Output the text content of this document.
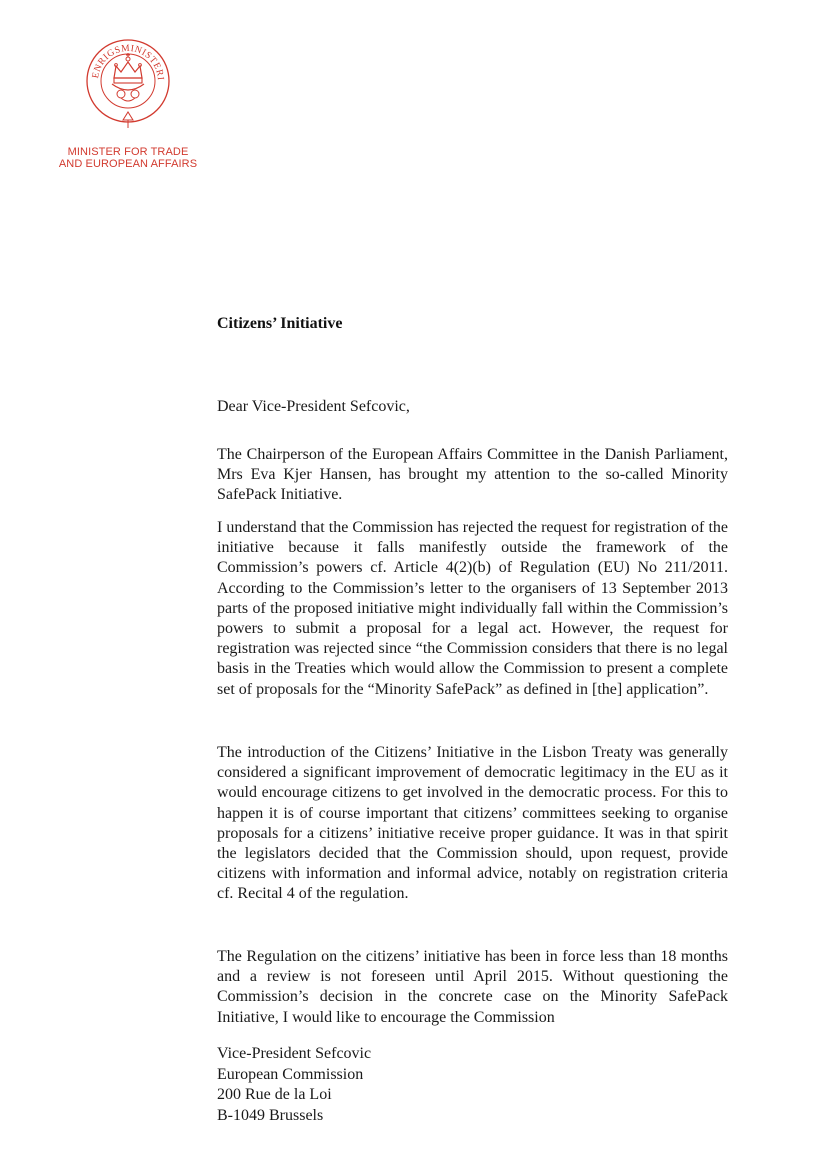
ENRIGSMINISTERI
MINISTER FOR TRADE
AND EUROPEAN AFFAIRS
Citizens’ Initiative
Dear Vice-President Sefcovic,

The Chairperson of the European Affairs Committee in the Danish Parliament, Mrs Eva Kjer Hansen, has brought my attention to the so-called Minority SafePack Initiative.

I understand that the Commission has rejected the request for registration of the initiative because it falls manifestly outside the framework of the Commission’s powers cf. Article 4(2)(b) of Regulation (EU) No 211/2011. According to the Commission’s letter to the organisers of 13 September 2013 parts of the proposed initiative might individually fall within the Commission’s powers to submit a proposal for a legal act. However, the request for registration was rejected since “the Commission considers that there is no legal basis in the Treaties which would allow the Commission to present a complete set of proposals for the “Minority SafePack” as defined in [the] application”.

The introduction of the Citizens’ Initiative in the Lisbon Treaty was generally considered a significant improvement of democratic legitimacy in the EU as it would encourage citizens to get involved in the democratic process. For this to happen it is of course important that citizens’ committees seeking to organise proposals for a citizens’ initiative receive proper guidance. It was in that spirit the legislators decided that the Commission should, upon request, provide citizens with information and informal advice, notably on registration criteria cf. Recital 4 of the regulation.

The Regulation on the citizens’ initiative has been in force less than 18 months and a review is not foreseen until April 2015. Without questioning the Commission’s decision in the concrete case on the Minority SafePack Initiative, I would like to encourage the Commission

Vice-President Sefcovic
European Commission
200 Rue de la Loi
B-1049 Brussels
